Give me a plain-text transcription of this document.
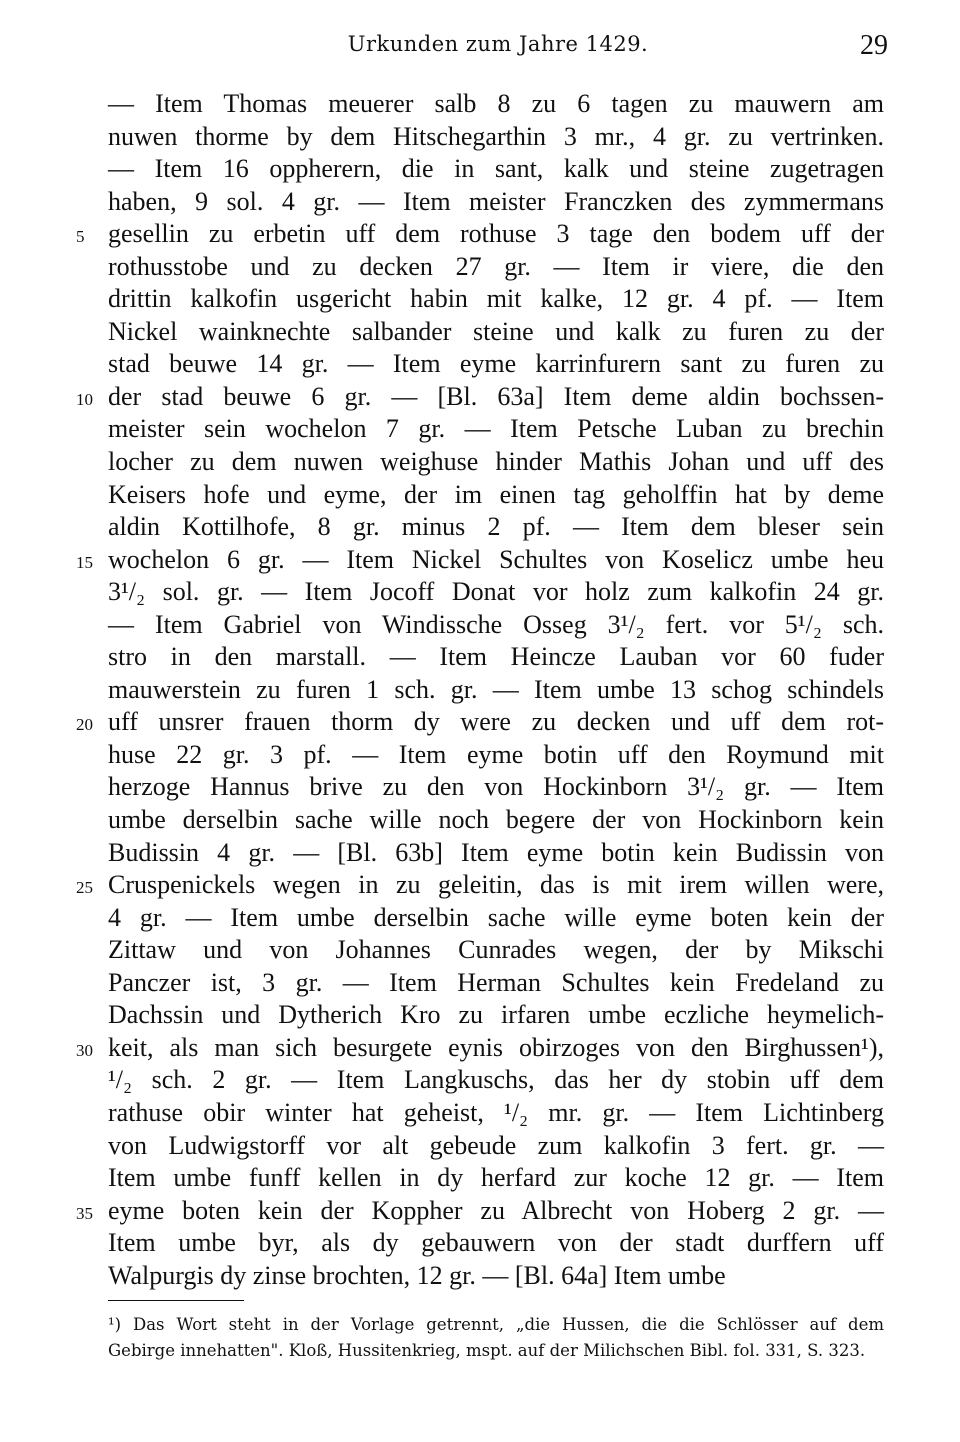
Urkunden zum Jahre 1429.	29
— Item Thomas meuerer salb 8 zu 6 tagen zu mauwern am
nuwen thorme by dem Hitschegarthin 3 mr., 4 gr. zu vertrinken.
— Item 16 oppherern, die in sant, kalk und steine zugetragen
haben, 9 sol. 4 gr. — Item meister Franczken des zymmermans
5 gesellin zu erbetin uff dem rothuse 3 tage den bodem uff der
rothusstobe und zu decken 27 gr. — Item ir viere, die den
drittin kalkofin usgericht habin mit kalke, 12 gr. 4 pf. — Item
Nickel wainknechte salbander steine und kalk zu furen zu der
stad beuwe 14 gr. — Item eyme karrinfurern sant zu furen zu
10 der stad beuwe 6 gr. — [Bl. 63a] Item deme aldin bochssen-
meister sein wochelon 7 gr. — Item Petsche Luban zu brechin
locher zu dem nuwen weighuse hinder Mathis Johan und uff des
Keisers hofe und eyme, der im einen tag geholffin hat by deme
aldin Kottilhofe, 8 gr. minus 2 pf. — Item dem bleser sein
15 wochelon 6 gr. — Item Nickel Schultes von Koselicz umbe heu
3¹/₂ sol. gr. — Item Jocoff Donat vor holz zum kalkofin 24 gr.
— Item Gabriel von Windissche Osseg 3¹/₂ fert. vor 5¹/₂ sch.
stro in den marstall. — Item Heincze Lauban vor 60 fuder
mauwerstein zu furen 1 sch. gr. — Item umbe 13 schog schindels
20 uff unsrer frauen thorm dy were zu decken und uff dem rot-
huse 22 gr. 3 pf. — Item eyme botin uff den Roymund mit
herzoge Hannus brive zu den von Hockinborn 3¹/₂ gr. — Item
umbe derselbin sache wille noch begere der von Hockinborn kein
Budissin 4 gr. — [Bl. 63b] Item eyme botin kein Budissin von
25 Cruspenickels wegen in zu geleitin, das is mit irem willen were,
4 gr. — Item umbe derselbin sache wille eyme boten kein der
Zittaw und von Johannes Cunrades wegen, der by Mikschi
Panczer ist, 3 gr. — Item Herman Schultes kein Fredeland zu
Dachssin und Dytherich Kro zu irfaren umbe eczliche heymelich-
30 keit, als man sich besurgete eynis obirzoges von den Birghussen¹),
¹/₂ sch. 2 gr. — Item Langkuschs, das her dy stobin uff dem
rathuse obir winter hat geheist, ¹/₂ mr. gr. — Item Lichtinberg
von Ludwigstorff vor alt gebeude zum kalkofin 3 fert. gr. —
Item umbe funff kellen in dy herfard zur koche 12 gr. — Item
35 eyme boten kein der Koppher zu Albrecht von Hoberg 2 gr. —
Item umbe byr, als dy gebauwern von der stadt durffern uff
Walpurgis dy zinse brochten, 12 gr. — [Bl. 64a] Item umbe
¹) Das Wort steht in der Vorlage getrennt, „die Hussen, die die Schlösser auf dem
Gebirge innehatten". Kloß, Hussitenkrieg, mspt. auf der Milichschen Bibl. fol. 331, S. 323.
